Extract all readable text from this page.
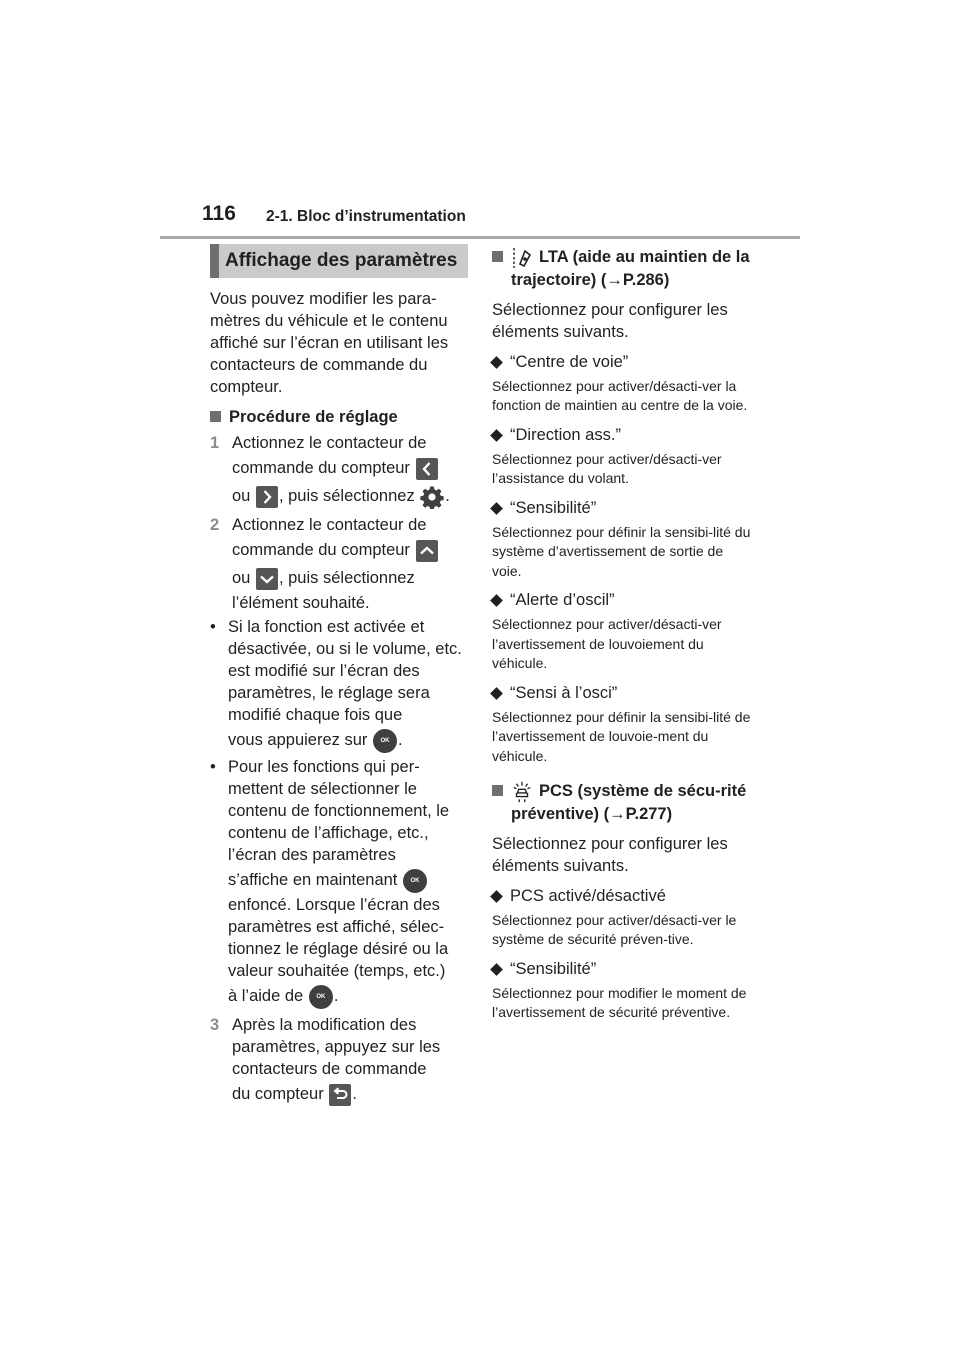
116 2-1. Bloc d’instrumentation
Affichage des paramètres
Vous pouvez modifier les para-mètres du véhicule et le contenu affiché sur l’écran en utilisant les contacteurs de commande du compteur.
Procédure de réglage
1 Actionnez le contacteur de
commande du compteur
ou , puis sélectionnez .
2 Actionnez le contacteur de
commande du compteur
ou , puis sélectionnez
l’élément souhaité.
• Si la fonction est activée et désactivée, ou si le volume, etc. est modifié sur l’écran des paramètres, le réglage sera modifié chaque fois que
vous appuierez sur OK .
• Pour les fonctions qui per-mettent de sélectionner le contenu de fonctionnement, le contenu de l’affichage, etc., l’écran des paramètres
s’affiche en maintenant OK
enfoncé. Lorsque l’écran des paramètres est affiché, sélec-tionnez le réglage désiré ou la valeur souhaitée (temps, etc.)
à l’aide de OK .
3 Après la modification des paramètres, appuyez sur les contacteurs de commande
du compteur .
LTA (aide au maintien de la trajectoire) (→P.286)
Sélectionnez pour configurer les éléments suivants.
“Centre de voie”
Sélectionnez pour activer/désacti-ver la fonction de maintien au centre de la voie.
“Direction ass.”
Sélectionnez pour activer/désacti-ver l’assistance du volant.
“Sensibilité”
Sélectionnez pour définir la sensibi-lité du système d’avertissement de sortie de voie.
“Alerte d’oscil”
Sélectionnez pour activer/désacti-ver l’avertissement de louvoiement du véhicule.
“Sensi à l’osci”
Sélectionnez pour définir la sensibi-lité de l’avertissement de louvoie-ment du véhicule.
PCS (système de sécu-rité préventive) (→P.277)
Sélectionnez pour configurer les éléments suivants.
PCS activé/désactivé
Sélectionnez pour activer/désacti-ver le système de sécurité préven-tive.
“Sensibilité”
Sélectionnez pour modifier le moment de l’avertissement de sécurité préventive.
